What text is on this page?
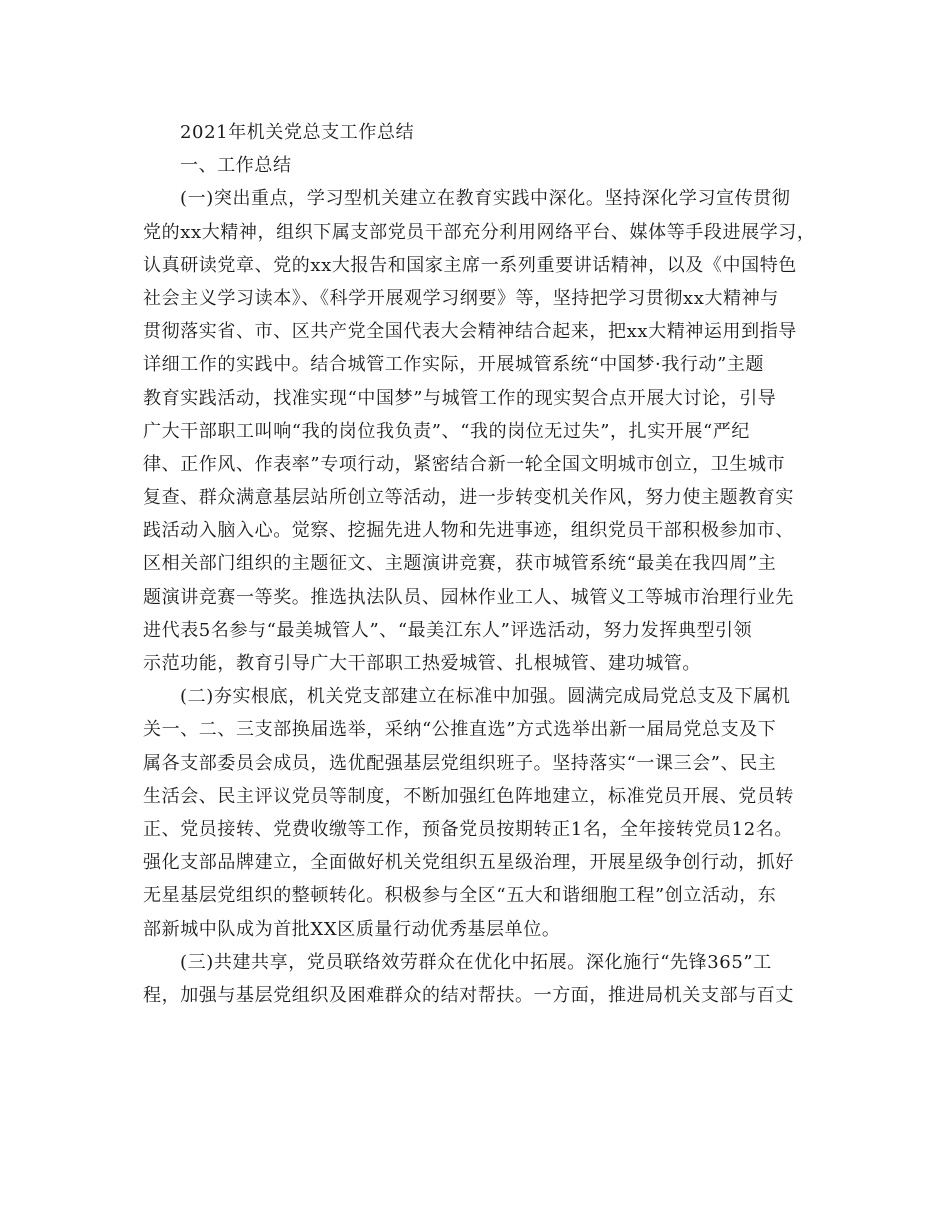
2021年机关党总支工作总结
一、工作总结
(一)突出重点，学习型机关建立在教育实践中深化。坚持深化学习宣传贯彻
党的xx大精神，组织下属支部党员干部充分利用网络平台、媒体等手段进展学习，
认真研读党章、党的xx大报告和国家主席一系列重要讲话精神，以及《中国特色
社会主义学习读本》、《科学开展观学习纲要》等，坚持把学习贯彻xx大精神与
贯彻落实省、市、区共产党全国代表大会精神结合起来，把xx大精神运用到指导
详细工作的实践中。结合城管工作实际，开展城管系统“中国梦·我行动”主题
教育实践活动，找准实现“中国梦”与城管工作的现实契合点开展大讨论，引导
广大干部职工叫响“我的岗位我负责”、“我的岗位无过失”，扎实开展“严纪
律、正作风、作表率”专项行动，紧密结合新一轮全国文明城市创立，卫生城市
复查、群众满意基层站所创立等活动，进一步转变机关作风，努力使主题教育实
践活动入脑入心。觉察、挖掘先进人物和先进事迹，组织党员干部积极参加市、
区相关部门组织的主题征文、主题演讲竞赛，获市城管系统“最美在我四周”主
题演讲竞赛一等奖。推选执法队员、园林作业工人、城管义工等城市治理行业先
进代表5名参与“最美城管人”、“最美江东人”评选活动，努力发挥典型引领
示范功能，教育引导广大干部职工热爱城管、扎根城管、建功城管。
(二)夯实根底，机关党支部建立在标准中加强。圆满完成局党总支及下属机
关一、二、三支部换届选举，采纳“公推直选”方式选举出新一届局党总支及下
属各支部委员会成员，选优配强基层党组织班子。坚持落实“一课三会”、民主
生活会、民主评议党员等制度，不断加强红色阵地建立，标准党员开展、党员转
正、党员接转、党费收缴等工作，预备党员按期转正1名，全年接转党员12名。
强化支部品牌建立，全面做好机关党组织五星级治理，开展星级争创行动，抓好
无星基层党组织的整顿转化。积极参与全区“五大和谐细胞工程”创立活动，东
部新城中队成为首批XX区质量行动优秀基层单位。
(三)共建共享，党员联络效劳群众在优化中拓展。深化施行“先锋365”工
程，加强与基层党组织及困难群众的结对帮扶。一方面，推进局机关支部与百丈
